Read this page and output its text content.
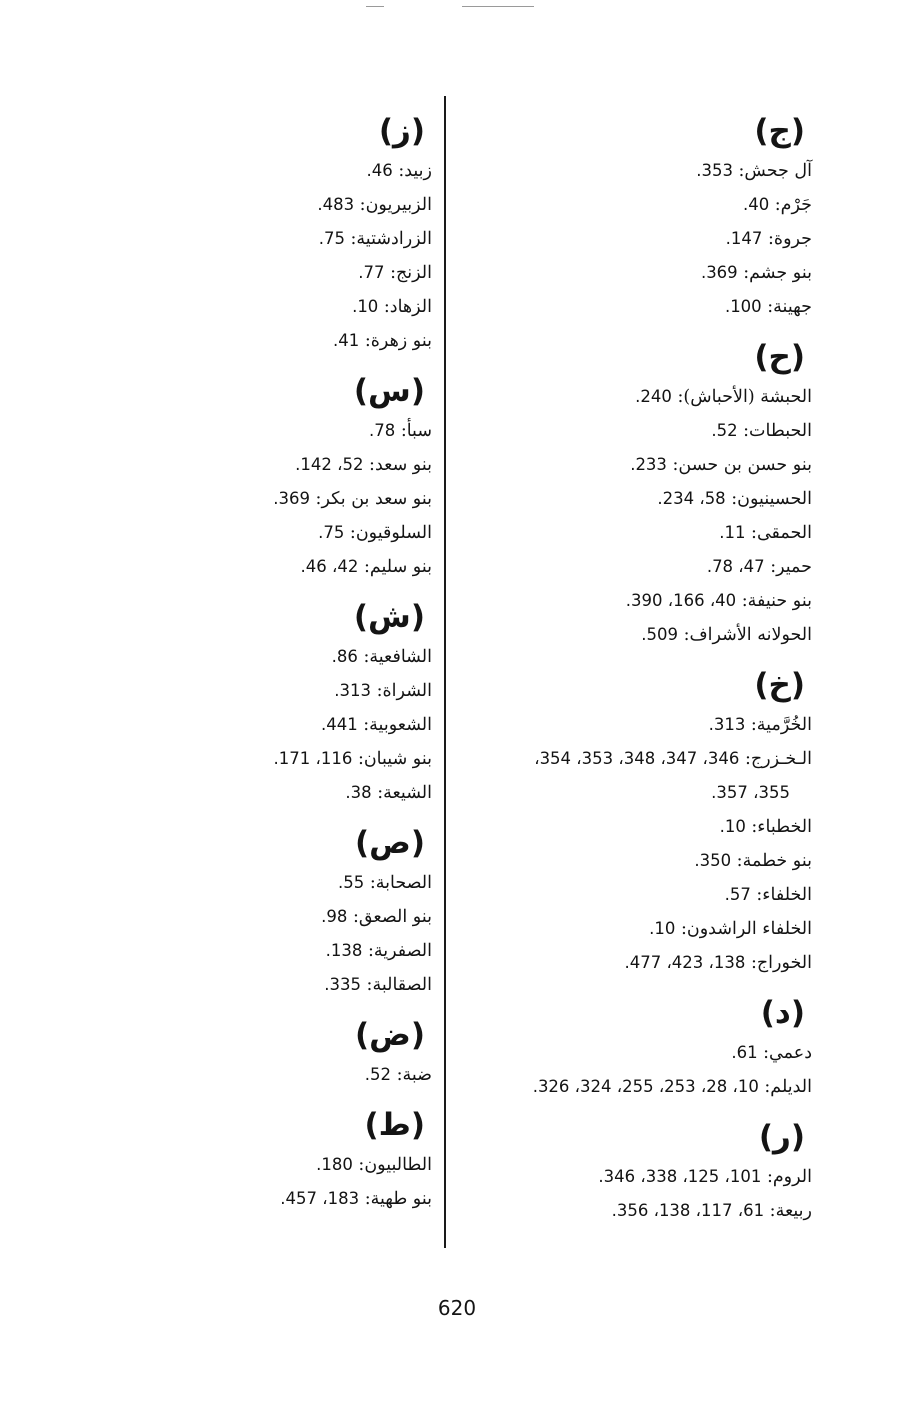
(ج)
آل جحش: 353.
جَرْم: 40.
جروة: 147.
بنو جشم: 369.
جهينة: 100.
(ح)
الحبشة (الأحباش): 240.
الحبطات: 52.
بنو حسن بن حسن: 233.
الحسينيون: 58، 234.
الحمقى: 11.
حمير: 47، 78.
بنو حنيفة: 40، 166، 390.
الحولانه الأشراف: 509.
(خ)
الخُرَّمية: 313.
الـخـزرج: 346، 347، 348، 353، 354،
355، 357.
الخطباء: 10.
بنو خطمة: 350.
الخلفاء: 57.
الخلفاء الراشدون: 10.
الخوراج: 138، 423، 477.
(د)
دعمي: 61.
الديلم: 10، 28، 253، 255، 324، 326.
(ر)
الروم: 101، 125، 338، 346.
ربيعة: 61، 117، 138، 356.
(ز)
زبيد: 46.
الزبيريون: 483.
الزرادشتية: 75.
الزنج: 77.
الزهاد: 10.
بنو زهرة: 41.
(س)
سبأ: 78.
بنو سعد: 52، 142.
بنو سعد بن بكر: 369.
السلوقيون: 75.
بنو سليم: 42، 46.
(ش)
الشافعية: 86.
الشراة: 313.
الشعوبية: 441.
بنو شيبان: 116، 171.
الشيعة: 38.
(ص)
الصحابة: 55.
بنو الصعق: 98.
الصفرية: 138.
الصقالبة: 335.
(ض)
ضبة: 52.
(ط)
الطالبيون: 180.
بنو طهية: 183، 457.
620
